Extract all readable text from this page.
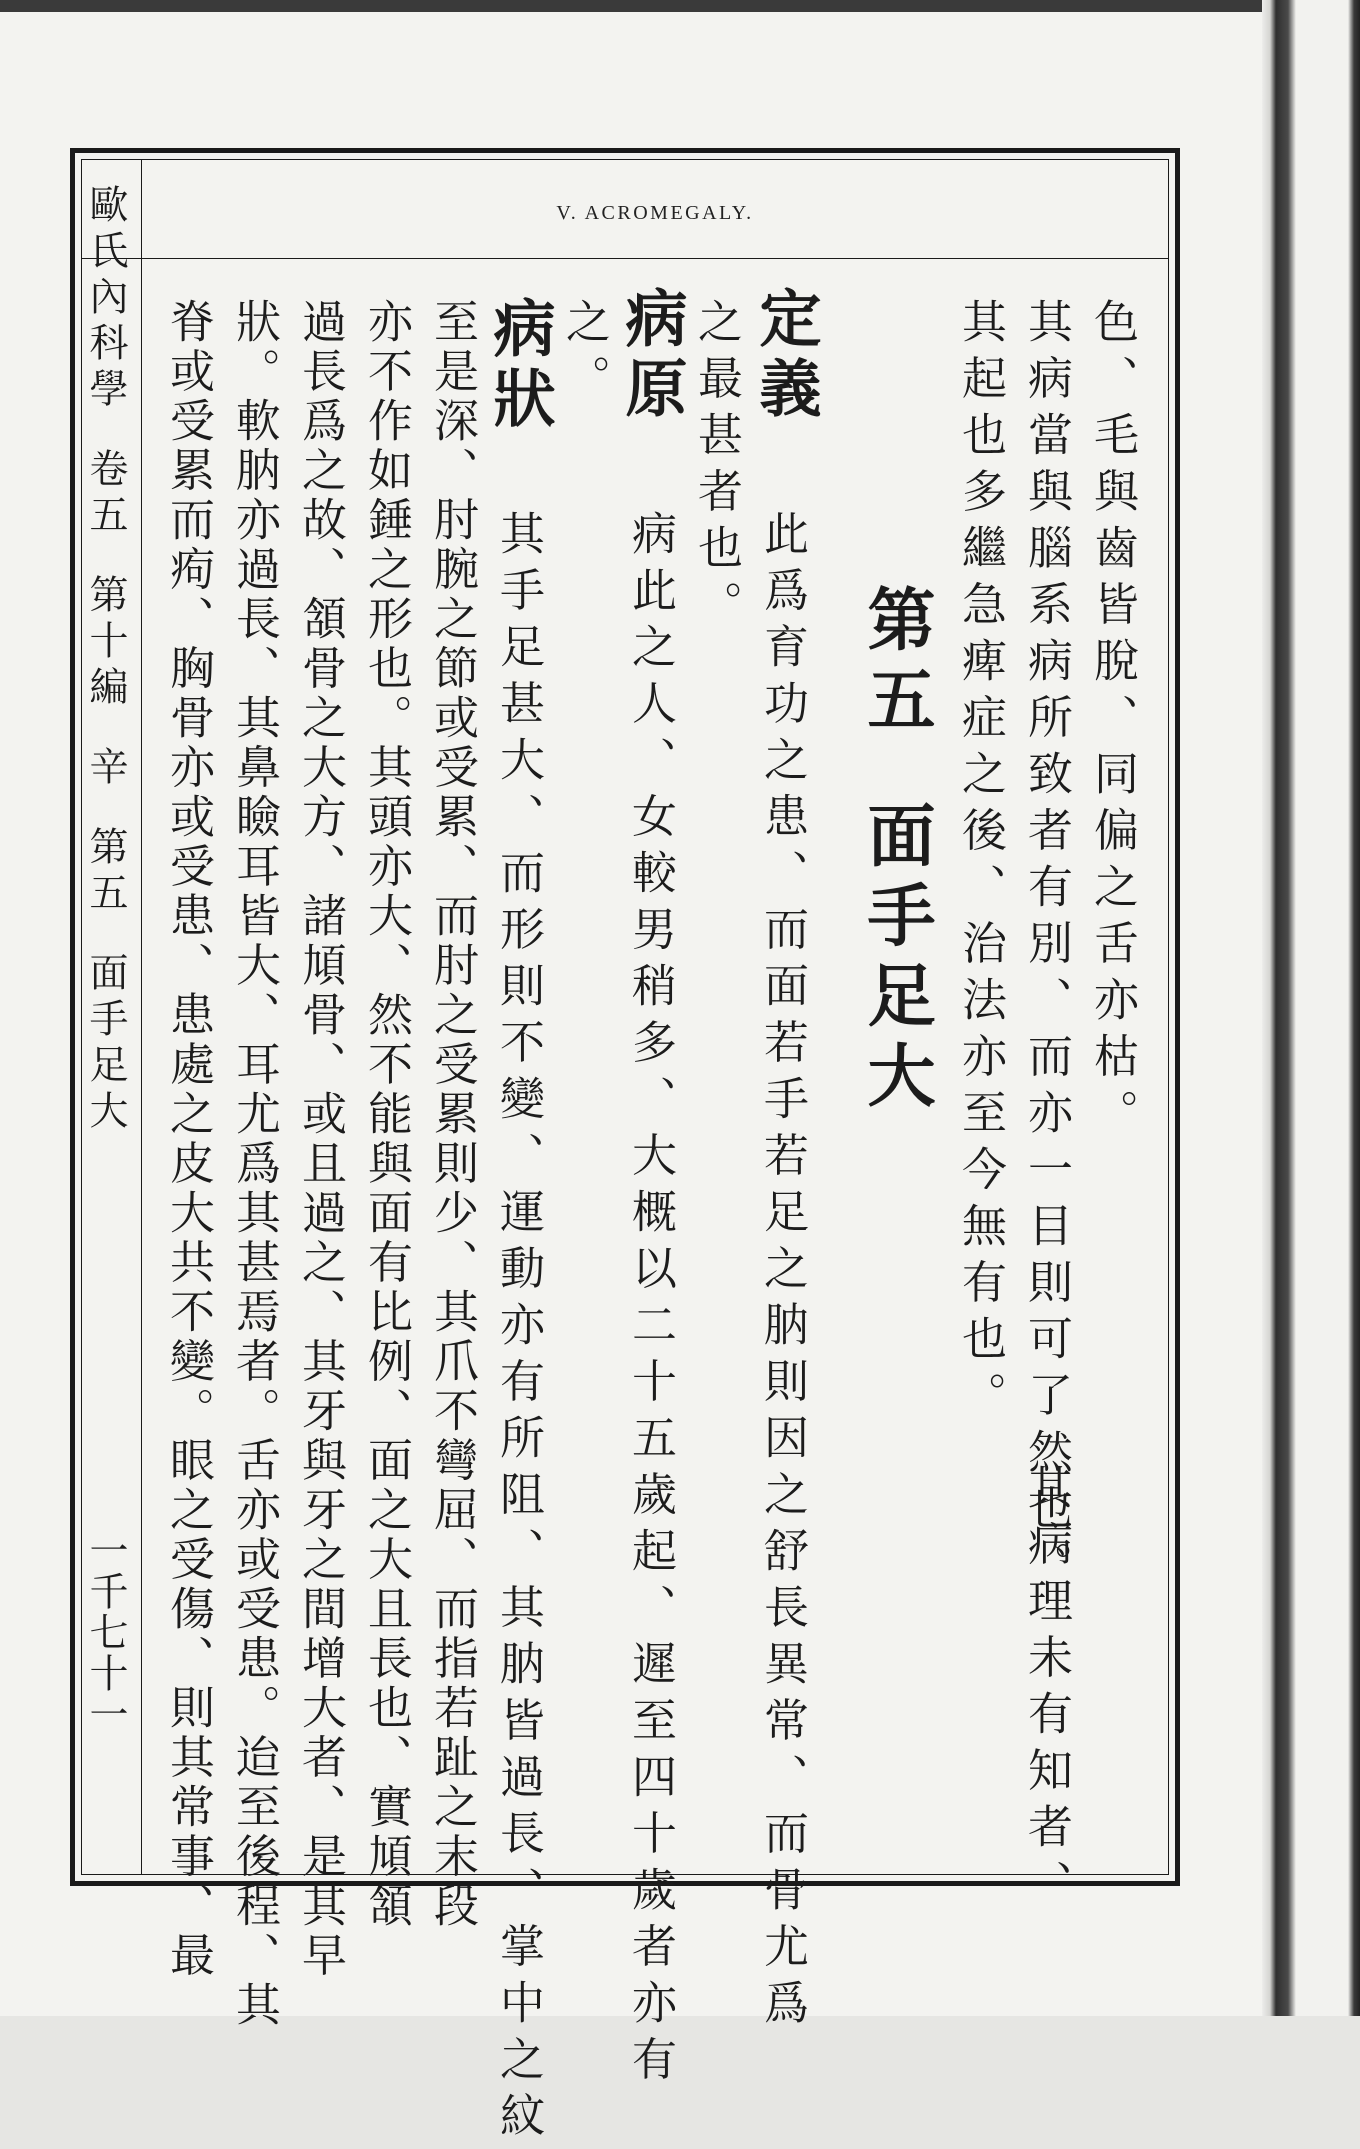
V. ACROMEGALY.
歐氏內科學卷五第十編辛第五面手足大
一千七十一
色、毛與齒皆脫、同偏之舌亦枯。
其病當與腦系病所致者有別、而亦一目則可了然也。
其起也多繼急痺症之後、治法亦至今無有也。
其病理未有知者、
第五面手足大
定義
此爲育功之患、而面若手若足之肭則因之舒長異常、而骨尤爲
之最甚者也。
病原
病此之人、女較男稍多、大概以二十五歲起、遲至四十歲者亦有
之。
病狀
其手足甚大、而形則不變、運動亦有所阻、其肭皆過長、掌中之紋
至是深、肘腕之節或受累、而肘之受累則少、其爪不彎屈、而指若趾之末段
亦不作如錘之形也。其頭亦大、然不能與面有比例、面之大且長也、實頄頷
過長爲之故、頷骨之大方、諸頄骨、或且過之、其牙與牙之間增大者、是其早
狀。軟肭亦過長、其鼻瞼耳皆大、耳尤爲其甚焉者。舌亦或受患。迨至後程、其
脊或受累而痀、胸骨亦或受患、患處之皮大共不變。眼之受傷、則其常事、最
